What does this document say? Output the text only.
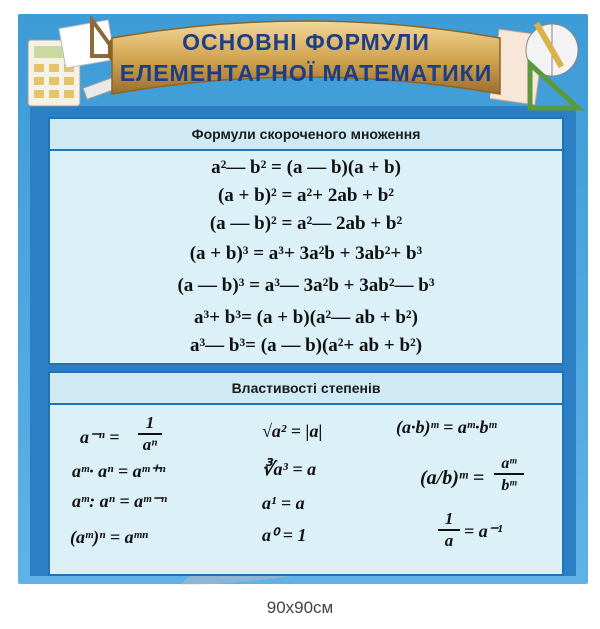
ОСНОВНІ ФОРМУЛИ
ЕЛЕМЕНТАРНОЇ МАТЕМАТИКИ
Формули скороченого множення
a²— b² = (a — b)(a + b)
(a + b)² = a²+ 2ab + b²
(a — b)² = a²— 2ab + b²
(a + b)³ = a³+ 3a²b + 3ab²+ b³
(a — b)³ = a³— 3a²b + 3ab²— b³
a³+ b³= (a + b)(a²— ab + b²)
a³— b³= (a — b)(a²+ ab + b²)
Властивості степенів
a⁻ⁿ =
1
aⁿ
aᵐ· aⁿ = aᵐ⁺ⁿ
aᵐ: aⁿ = aᵐ⁻ⁿ
(aᵐ)ⁿ = aᵐⁿ
√a² = |a|
∛a³ = a
a¹ = a
a⁰ = 1
(a·b)ᵐ = aᵐ·bᵐ
(a/b)ᵐ =
aᵐ
bᵐ
1
a = a⁻¹
90x90см
